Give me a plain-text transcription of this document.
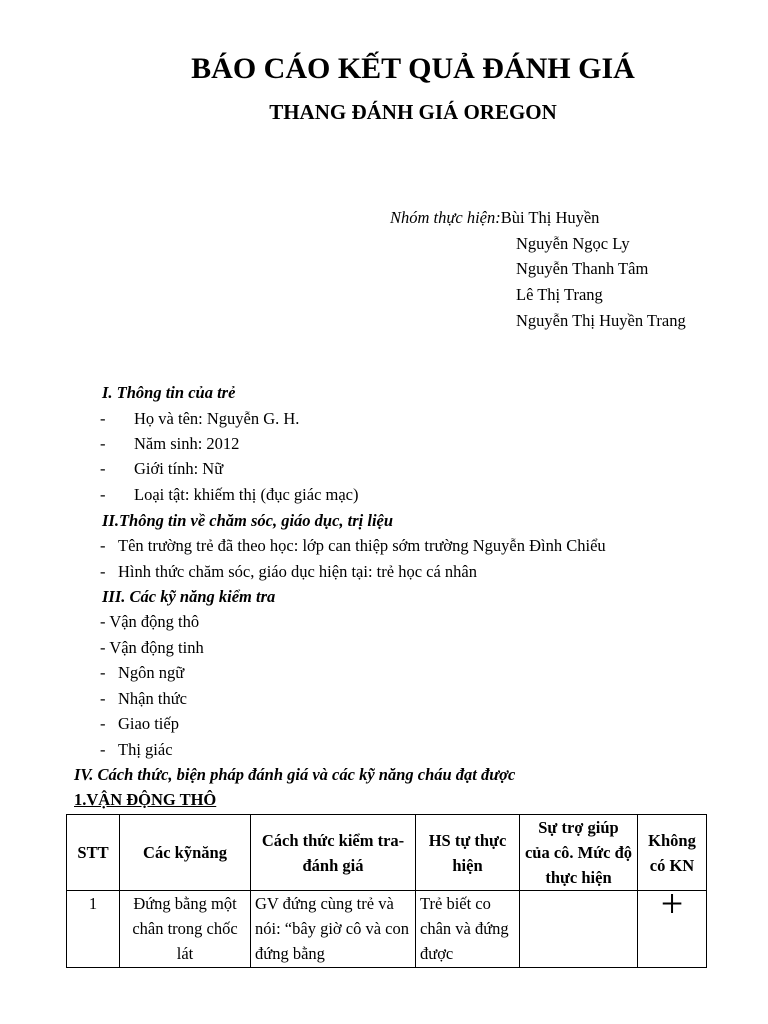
BÁO CÁO KẾT QUẢ ĐÁNH GIÁ
THANG ĐÁNH GIÁ OREGON
Nhóm thực hiện:Bùi Thị Huyền
Nguyễn Ngọc Ly
Nguyễn Thanh Tâm
Lê Thị Trang
Nguyễn Thị Huyền Trang
I. Thông tin của trẻ
- Họ và tên: Nguyễn G. H.
- Năm sinh: 2012
- Giới tính: Nữ
- Loại tật: khiếm thị (đục giác mạc)
II.Thông tin về chăm sóc, giáo dục, trị liệu
- Tên trường trẻ đã theo học: lớp can thiệp sớm trường Nguyễn Đình Chiểu
- Hình thức chăm sóc, giáo dục hiện tại: trẻ học cá nhân
III. Các kỹ năng kiểm tra
- Vận động thô
- Vận động tinh
- Ngôn ngữ
- Nhận thức
- Giao tiếp
- Thị giác
IV. Cách thức, biện pháp đánh giá và các kỹ năng cháu đạt được
1.VẬN ĐỘNG THÔ
STT	Các kỹnăng	Cách thức kiểm tra-đánh giá	HS tự thực hiện	Sự trợ giúp của cô. Mức độ thực hiện	Không có KN
1	Đứng bằng một chân trong chốc lát	GV đứng cùng trẻ và nói: “bây giờ cô và con đứng bằng	Trẻ biết co chân và đứng được		+
